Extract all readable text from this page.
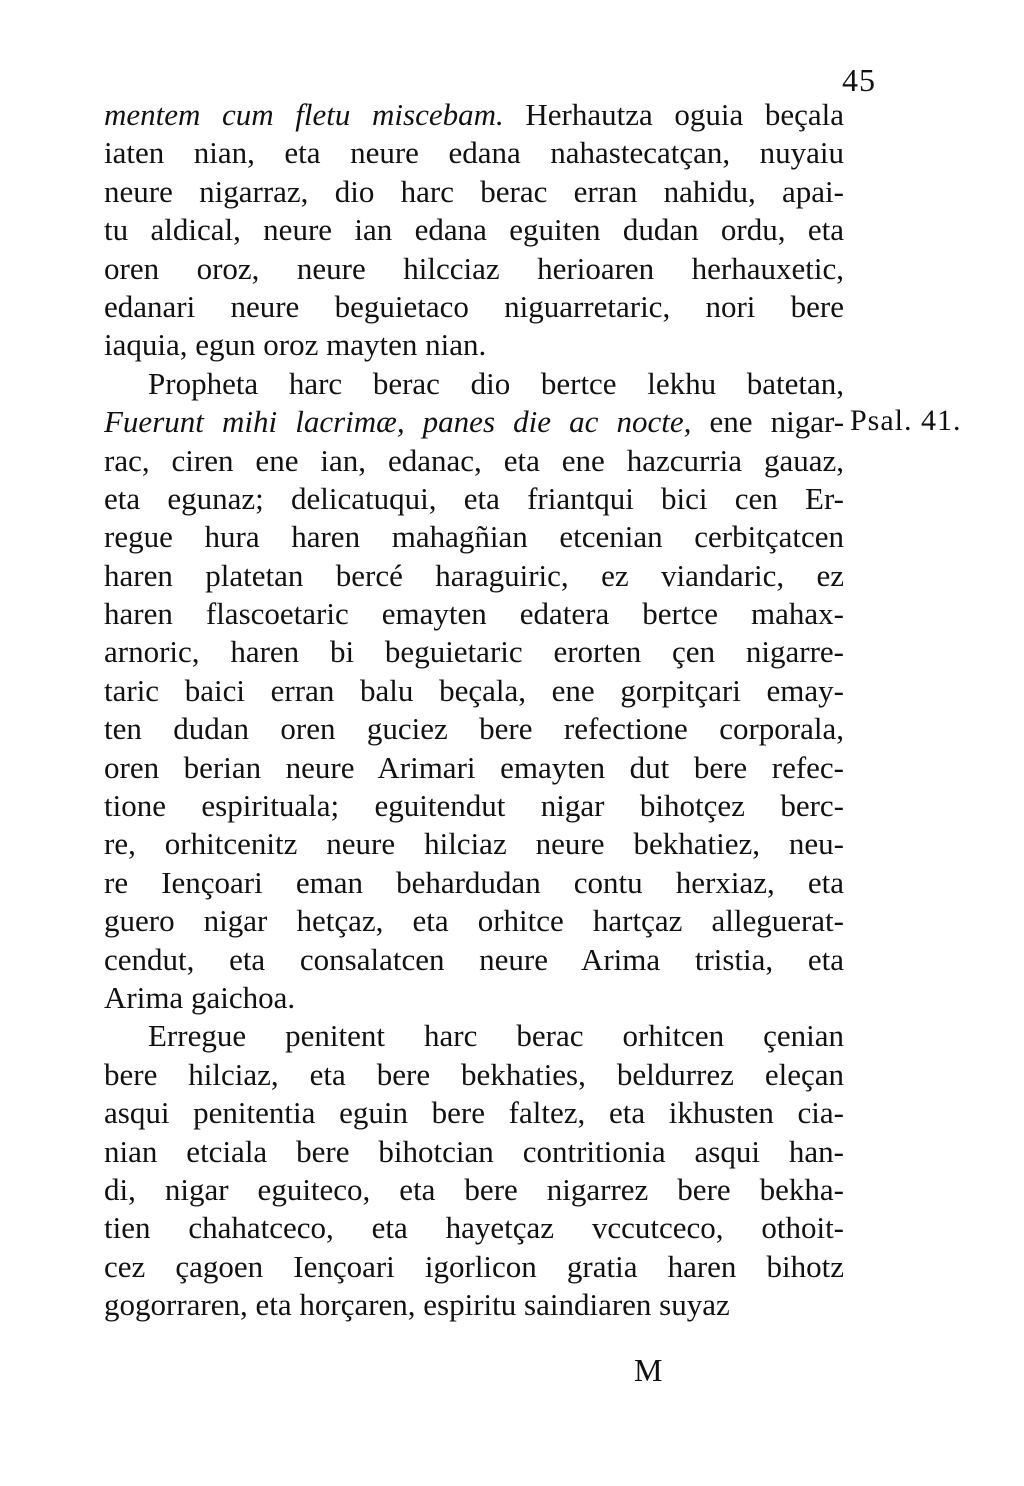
45
Psal. 41.
mentem cum fletu miscebam. Herhautza oguia beçala
iaten nian, eta neure edana nahastecatçan, nuyaiu
neure nigarraz, dio harc berac erran nahidu, apai-
tu aldical, neure ian edana eguiten dudan ordu, eta
oren oroz, neure hilcciaz herioaren herhauxetic,
edanari neure beguietaco niguarretaric, nori bere
iaquia, egun oroz mayten nian.
Propheta harc berac dio bertce lekhu batetan,
Fuerunt mihi lacrimæ, panes die ac nocte, ene nigar-
rac, ciren ene ian, edanac, eta ene hazcurria gauaz,
eta egunaz; delicatuqui, eta friantqui bici cen Er-
regue hura haren mahagñian etcenian cerbitçatcen
haren platetan bercé haraguiric, ez viandaric, ez
haren flascoetaric emayten edatera bertce mahax-
arnoric, haren bi beguietaric erorten çen nigarre-
taric baici erran balu beçala, ene gorpitçari emay-
ten dudan oren guciez bere refectione corporala,
oren berian neure Arimari emayten dut bere refec-
tione espirituala; eguitendut nigar bihotçez berc-
re, orhitcenitz neure hilciaz neure bekhatiez, neu-
re Iençoari eman behardudan contu herxiaz, eta
guero nigar hetçaz, eta orhitce hartçaz alleguerat-
cendut, eta consalatcen neure Arima tristia, eta
Arima gaichoa.
Erregue penitent harc berac orhitcen çenian
bere hilciaz, eta bere bekhaties, beldurrez eleçan
asqui penitentia eguin bere faltez, eta ikhusten cia-
nian etciala bere bihotcian contritionia asqui han-
di, nigar eguiteco, eta bere nigarrez bere bekha-
tien chahatceco, eta hayetçaz vccutceco, othoit-
cez çagoen Iençoari igorlicon gratia haren bihotz
gogorraren, eta horçaren, espiritu saindiaren suyaz
M
